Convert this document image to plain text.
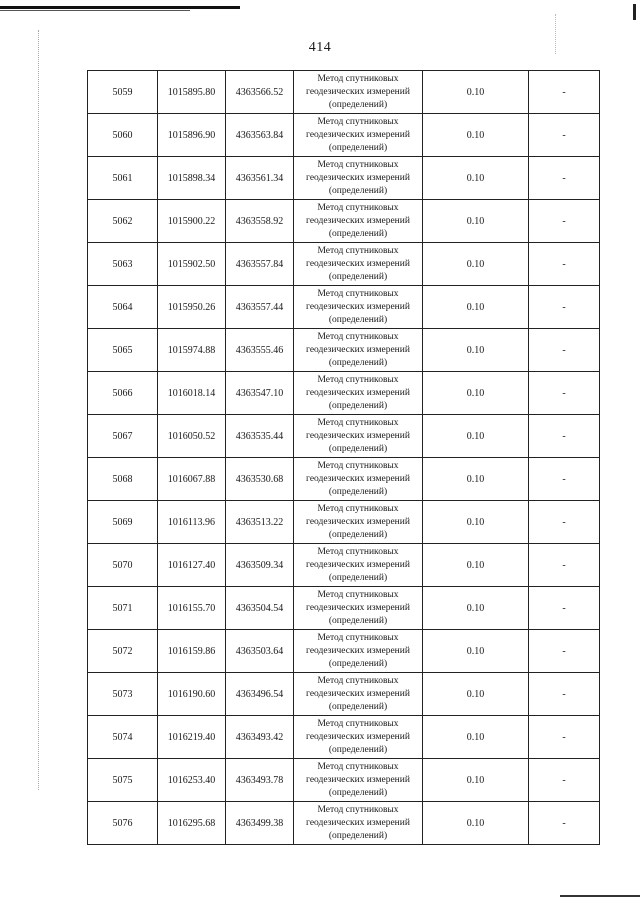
414
5059	1015895.80	4363566.52	Метод спутниковых
геодезических измерений
(определений)	0.10	-
5060	1015896.90	4363563.84	Метод спутниковых
геодезических измерений
(определений)	0.10	-
5061	1015898.34	4363561.34	Метод спутниковых
геодезических измерений
(определений)	0.10	-
5062	1015900.22	4363558.92	Метод спутниковых
геодезических измерений
(определений)	0.10	-
5063	1015902.50	4363557.84	Метод спутниковых
геодезических измерений
(определений)	0.10	-
5064	1015950.26	4363557.44	Метод спутниковых
геодезических измерений
(определений)	0.10	-
5065	1015974.88	4363555.46	Метод спутниковых
геодезических измерений
(определений)	0.10	-
5066	1016018.14	4363547.10	Метод спутниковых
геодезических измерений
(определений)	0.10	-
5067	1016050.52	4363535.44	Метод спутниковых
геодезических измерений
(определений)	0.10	-
5068	1016067.88	4363530.68	Метод спутниковых
геодезических измерений
(определений)	0.10	-
5069	1016113.96	4363513.22	Метод спутниковых
геодезических измерений
(определений)	0.10	-
5070	1016127.40	4363509.34	Метод спутниковых
геодезических измерений
(определений)	0.10	-
5071	1016155.70	4363504.54	Метод спутниковых
геодезических измерений
(определений)	0.10	-
5072	1016159.86	4363503.64	Метод спутниковых
геодезических измерений
(определений)	0.10	-
5073	1016190.60	4363496.54	Метод спутниковых
геодезических измерений
(определений)	0.10	-
5074	1016219.40	4363493.42	Метод спутниковых
геодезических измерений
(определений)	0.10	-
5075	1016253.40	4363493.78	Метод спутниковых
геодезических измерений
(определений)	0.10	-
5076	1016295.68	4363499.38	Метод спутниковых
геодезических измерений
(определений)	0.10	-
